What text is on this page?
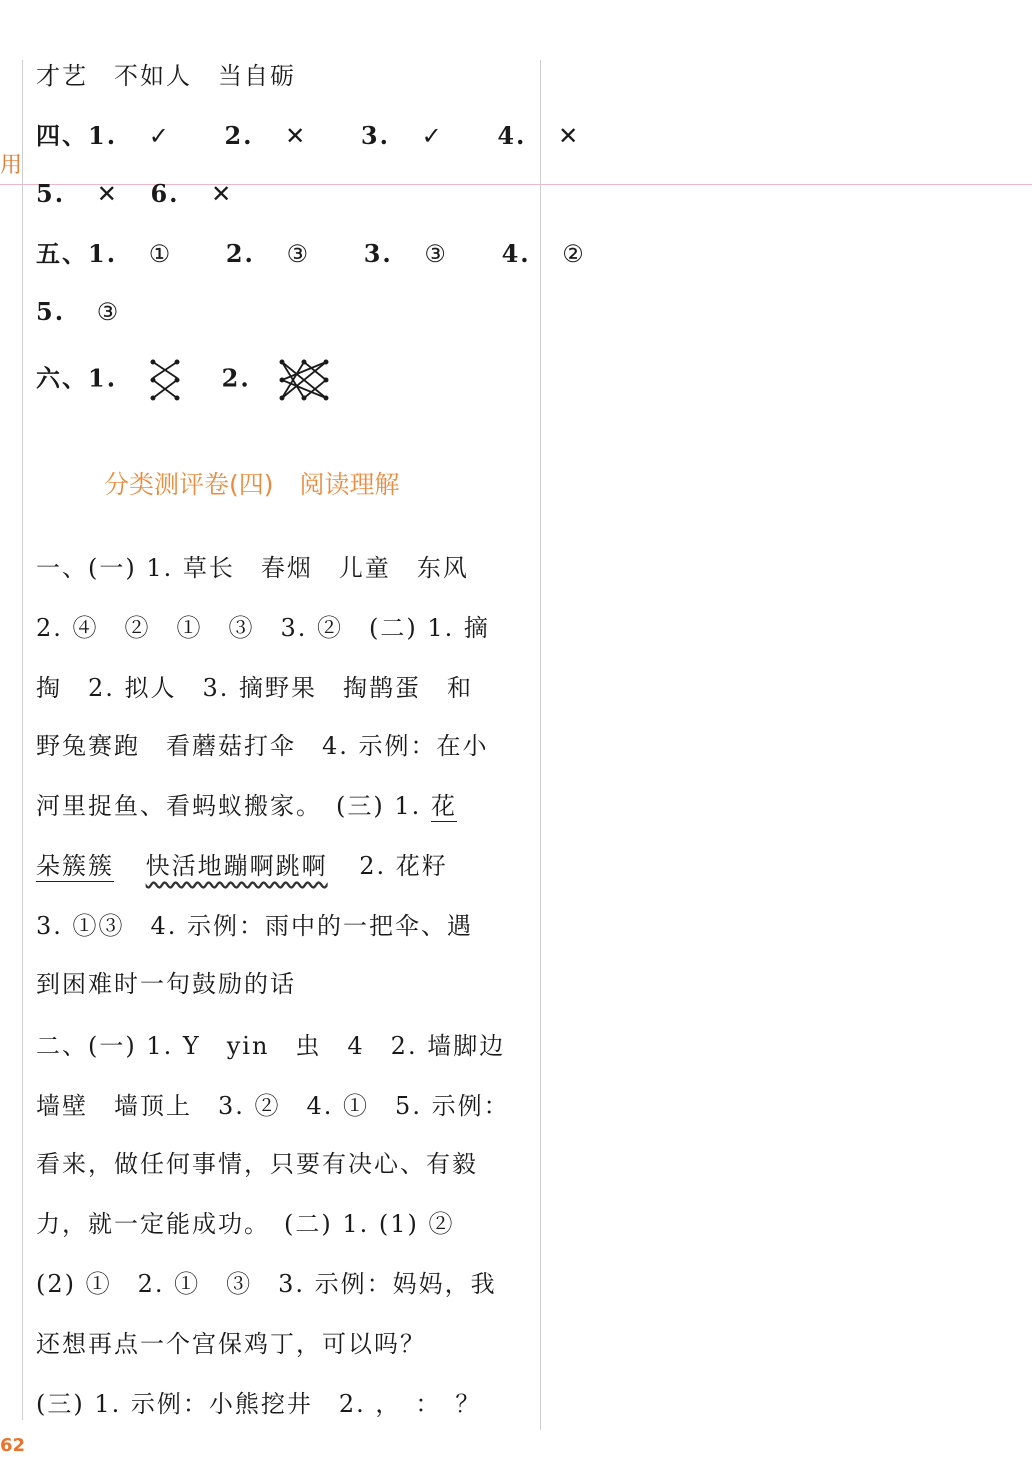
用
才艺　不如人　当自砺
四、1. ✓ 2. ✕ 3. ✓ 4. ✕
5. ✕ 6. ✕
五、1. ① 2. ③ 3. ③ 4. ②
5. ③
六、1.	2.
分类测评卷(四) 阅读理解
一、(一) 1. 草长　春烟　儿童　东风
2. ④　②　①　③　3. ②　(二) 1. 摘
掏　2. 拟人　3. 摘野果　掏鹊蛋　和
野兔赛跑　看蘑菇打伞　4. 示例：在小
河里捉鱼、看蚂蚁搬家。　(三) 1. 花
朵簇簇 快活地蹦啊跳啊 2. 花籽
3. ①③　4. 示例：雨中的一把伞、遇
到困难时一句鼓励的话
二、(一) 1. Y　yin　虫　4　2. 墙脚边
墙壁　墙顶上　3. ②　4. ①　5. 示例：
看来，做任何事情，只要有决心、有毅
力，就一定能成功。　(二) 1. (1) ②
(2) ①　2. ①　③　3. 示例：妈妈，我
还想再点一个宫保鸡丁，可以吗？
(三) 1. 示例：小熊挖井　2. ，　：　？
62
